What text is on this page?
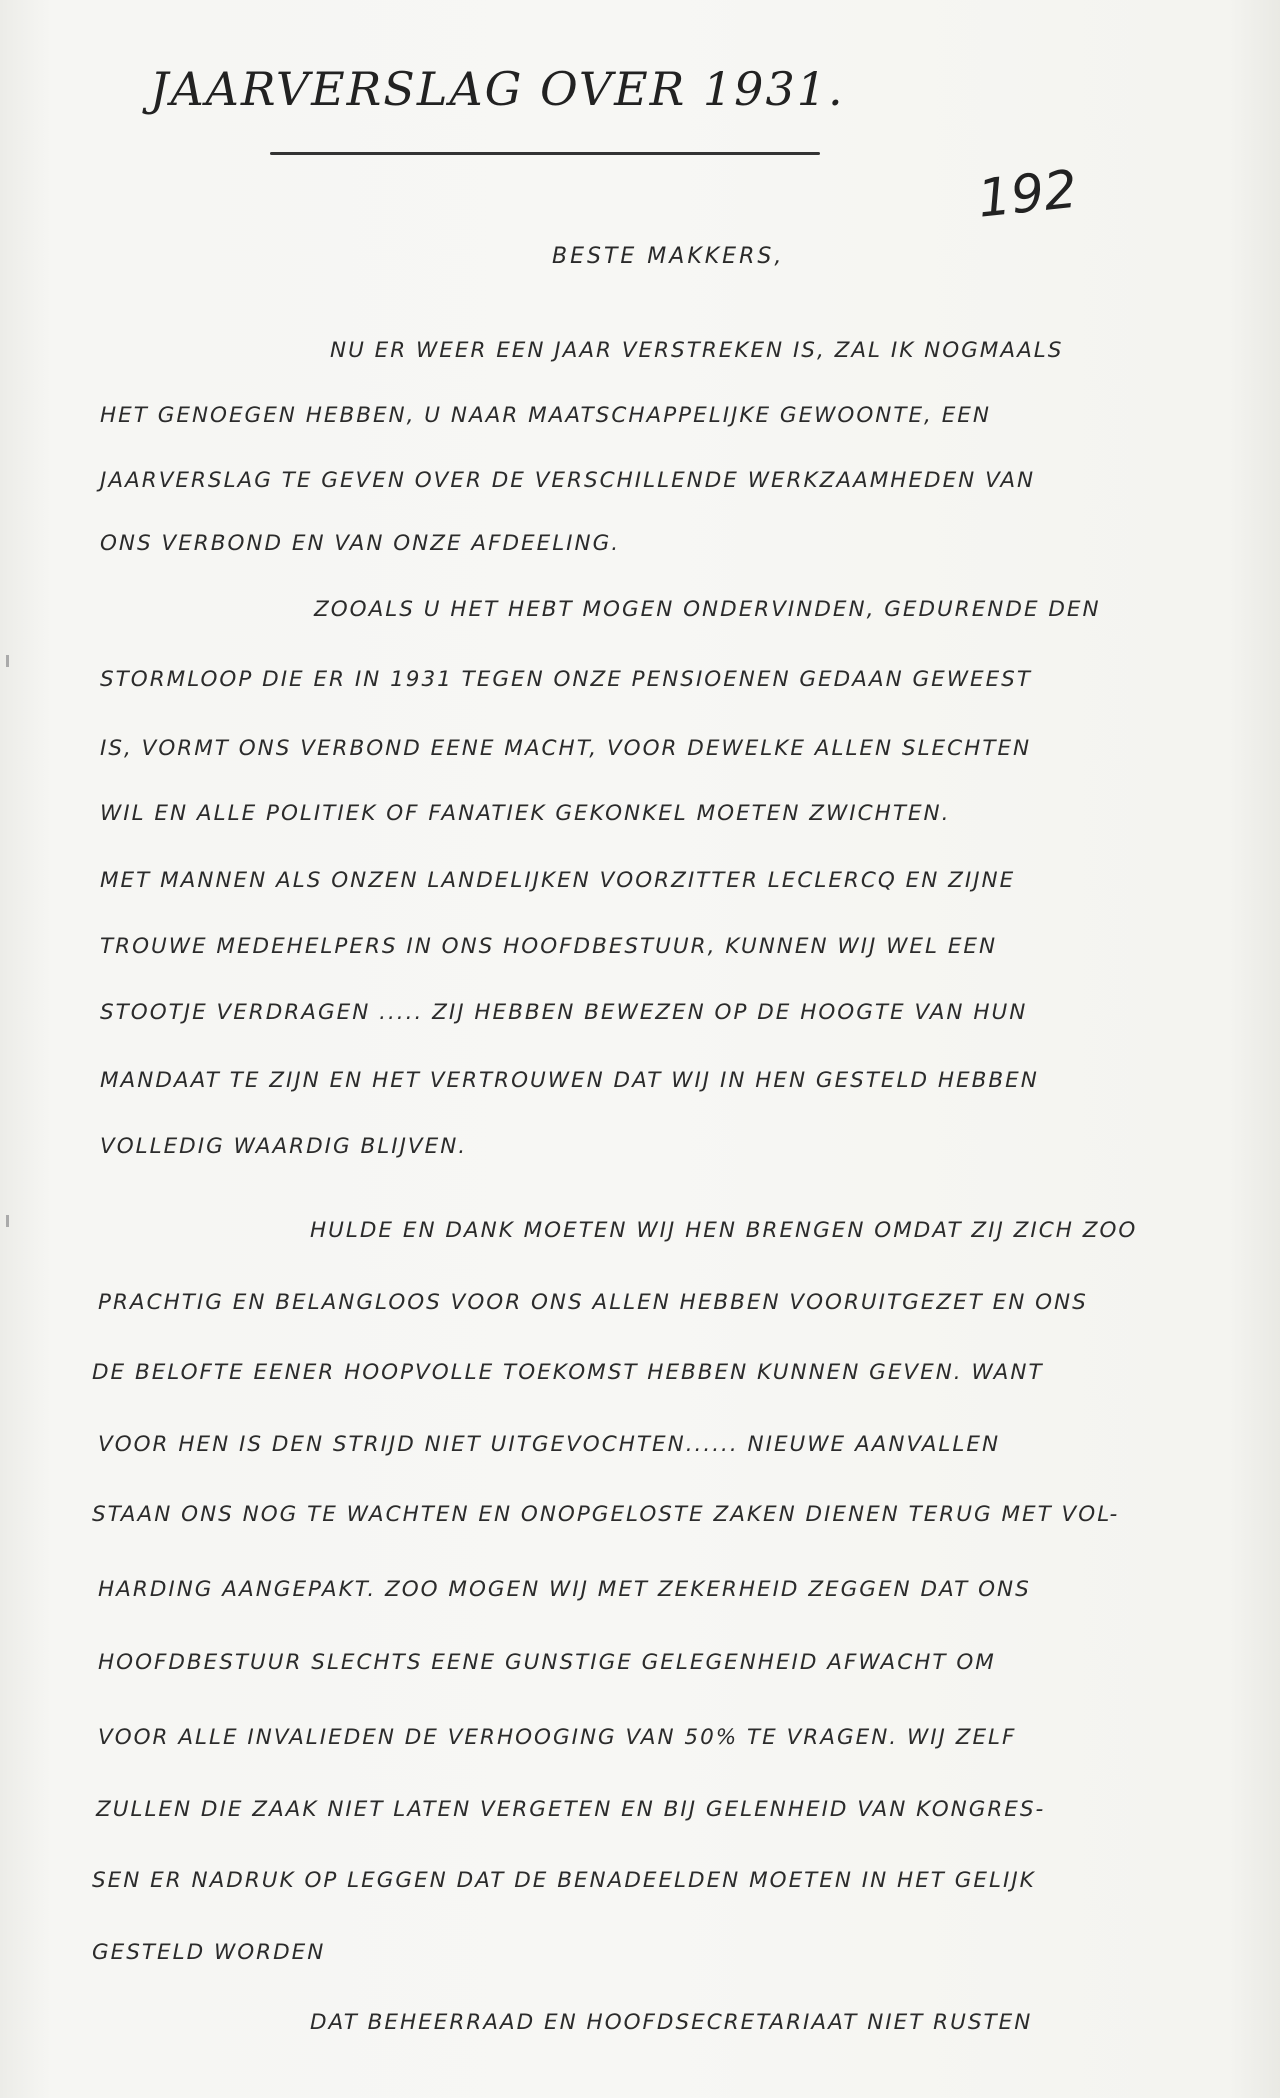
JAARVERSLAG OVER 1931.
192
BESTE MAKKERS,
NU ER WEER EEN JAAR VERSTREKEN IS, ZAL IK NOGMAALS
HET GENOEGEN HEBBEN, U NAAR MAATSCHAPPELIJKE GEWOONTE, EEN
JAARVERSLAG TE GEVEN OVER DE VERSCHILLENDE WERKZAAMHEDEN VAN
ONS VERBOND EN VAN ONZE AFDEELING.
ZOOALS U HET HEBT MOGEN ONDERVINDEN, GEDURENDE DEN
STORMLOOP DIE ER IN 1931 TEGEN ONZE PENSIOENEN GEDAAN GEWEEST
IS, VORMT ONS VERBOND EENE MACHT, VOOR DEWELKE ALLEN SLECHTEN
WIL EN ALLE POLITIEK OF FANATIEK GEKONKEL MOETEN ZWICHTEN.
MET MANNEN ALS ONZEN LANDELIJKEN VOORZITTER LECLERCQ EN ZIJNE
TROUWE MEDEHELPERS IN ONS HOOFDBESTUUR, KUNNEN WIJ WEL EEN
STOOTJE VERDRAGEN ..... ZIJ HEBBEN BEWEZEN OP DE HOOGTE VAN HUN
MANDAAT TE ZIJN EN HET VERTROUWEN DAT WIJ IN HEN GESTELD HEBBEN
VOLLEDIG WAARDIG BLIJVEN.
HULDE EN DANK MOETEN WIJ HEN BRENGEN OMDAT ZIJ ZICH ZOO
PRACHTIG EN BELANGLOOS VOOR ONS ALLEN HEBBEN VOORUITGEZET EN ONS
DE BELOFTE EENER HOOPVOLLE TOEKOMST HEBBEN KUNNEN GEVEN. WANT
VOOR HEN IS DEN STRIJD NIET UITGEVOCHTEN...... NIEUWE AANVALLEN
STAAN ONS NOG TE WACHTEN EN ONOPGELOSTE ZAKEN DIENEN TERUG MET VOL-
HARDING AANGEPAKT. ZOO MOGEN WIJ MET ZEKERHEID ZEGGEN DAT ONS
HOOFDBESTUUR SLECHTS EENE GUNSTIGE GELEGENHEID AFWACHT OM
VOOR ALLE INVALIEDEN DE VERHOOGING VAN 50% TE VRAGEN. WIJ ZELF
ZULLEN DIE ZAAK NIET LATEN VERGETEN EN BIJ GELENHEID VAN KONGRES-
SEN ER NADRUK OP LEGGEN DAT DE BENADEELDEN MOETEN IN HET GELIJK
GESTELD WORDEN
DAT BEHEERRAAD EN HOOFDSECRETARIAAT NIET RUSTEN
